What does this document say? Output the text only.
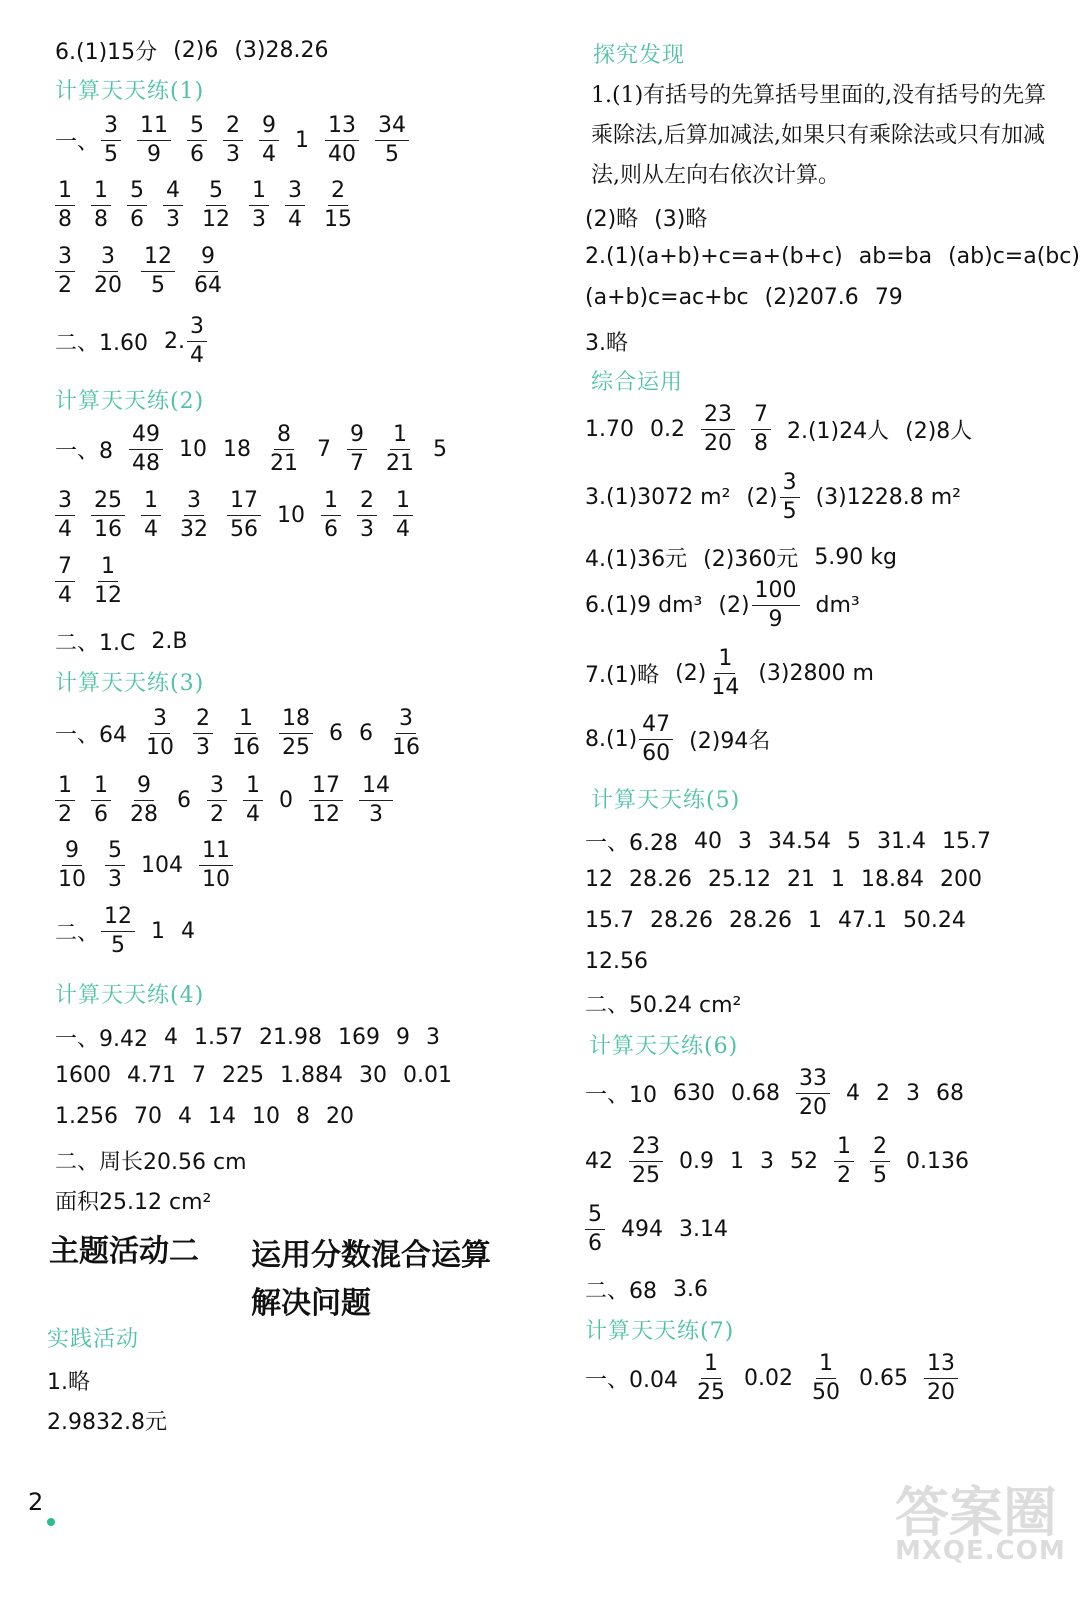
6.(1)15分 (2)6 (3)28.26
计算天天练(1)
一、 $\frac{3}{5} \frac{11}{9} \frac{5}{6} \frac{2}{3} \frac{9}{4} 1 \frac{13}{40} \frac{34}{5}$
$\frac{1}{8} \frac{1}{8} \frac{5}{6} \frac{4}{3} \frac{5}{12} \frac{1}{3} \frac{3}{4} \frac{2}{15}$
$\frac{3}{2} \frac{3}{20} \frac{12}{5} \frac{9}{64}$
二、1.60 2. $\frac{3}{4}$
计算天天练(2)
一、$8 \frac{49}{48} 10$ $18 \frac{8}{21} 7 \frac{9}{7} \frac{1}{21} 5$
$\frac{3}{4} \frac{25}{16} \frac{1}{4} \frac{3}{32} \frac{17}{56} 10 \frac{1}{6} \frac{2}{3} \frac{1}{4}$
$\frac{7}{4} \frac{1}{12}$
二、1.C 2.B
计算天天练(3)
一、$64 \frac{3}{10} \frac{2}{3} \frac{1}{16} \frac{18}{25} 6$ $6 \frac{3}{16}$
$\frac{1}{2} \frac{1}{6} \frac{9}{28} 6 \frac{3}{2} \frac{1}{4} 0 \frac{17}{12} \frac{14}{3}$
$\frac{9}{10} \frac{5}{3} 104 \frac{11}{10}$
二、 $\frac{12}{5} 1$ 4
计算天天练(4)
一、9.42 4 1.57 21.98 169 9 3
1600 4.71 7 225 1.884 30 0.01
1.256 70 4 14 10 8 20
二、周长20.56 cm
面积25.12 cm²
主题活动二 运用分数混合运算
解决问题
实践活动
1.略
2.9832.8元
探究发现
1.(1)有括号的先算括号里面的,没有括号的先算乘除法,后算加减法,如果只有乘除法或只有加减法,则从左向右依次计算。
(2)略 (3)略
2.(1)(a+b)+c=a+(b+c) ab=ba (ab)c=a(bc)
(a+b)c=ac+bc (2)207.6 79
3.略
综合运用
1.70 $0.2 \frac{23}{20} \frac{7}{8} 2.(1)24$人 (2)8人
3.(1)3072 m² $(2) \frac{3}{5} (3)1228.8$ m²
4.(1)36元 (2)360元 5.90 kg
6.(1)9 dm³ $(2) \frac{100}{9} dm^3$
7.(1)略 $(2) \frac{1}{14} (3)2800$ m
$8.(1) \frac{47}{60} (2)94$名
计算天天练(5)
一、6.28 40 3 34.54 5 31.4 15.7
12 28.26 25.12 21 1 18.84 200
15.7 28.26 28.26 1 47.1 50.24
12.56
二、50.24 cm²
计算天天练(6)
一、10 630 $0.68 \frac{33}{20} 4$ 2 3 68
$42 \frac{23}{25} 0.9$ 1 3 $52 \frac{1}{2} \frac{2}{5} 0.136$
$\frac{5}{6} 494$ 3.14
二、68 3.6
计算天天练(7)
一、$0.04 \frac{1}{25} 0.02 \frac{1}{50} 0.65 \frac{13}{20}$
2	答案圈
MXQE.COM
